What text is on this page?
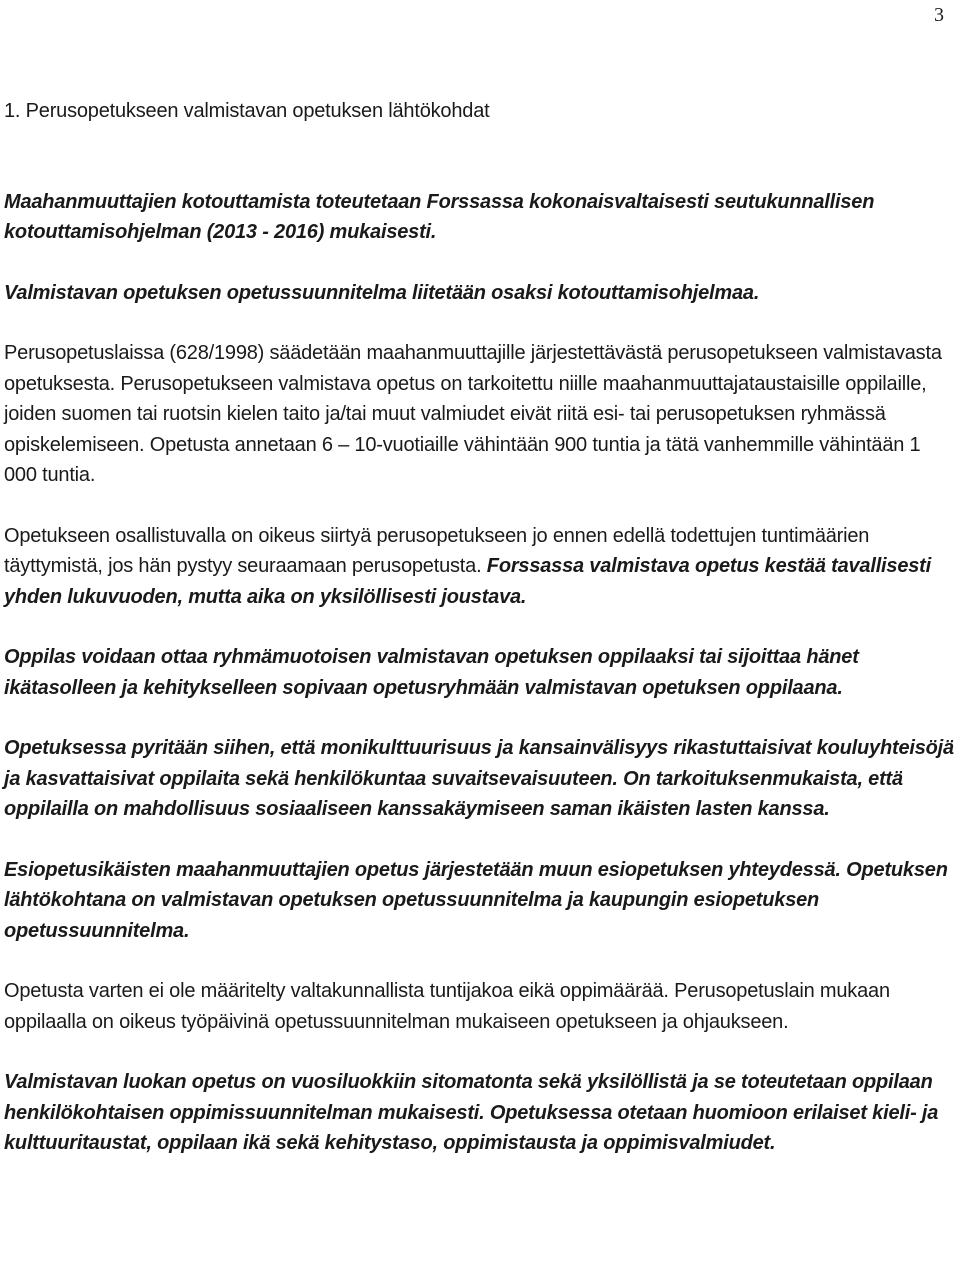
3
1. Perusopetukseen valmistavan opetuksen lähtökohdat

Maahanmuuttajien kotouttamista toteutetaan Forssassa kokonaisvaltaisesti seutukunnallisen kotouttamisohjelman (2013 - 2016) mukaisesti.

Valmistavan opetuksen opetussuunnitelma liitetään osaksi kotouttamisohjelmaa.

Perusopetuslaissa (628/1998) säädetään maahanmuuttajille järjestettävästä perusopetukseen valmistavasta opetuksesta. Perusopetukseen valmistava opetus on tarkoitettu niille maahanmuuttajataustaisille oppilaille, joiden suomen tai ruotsin kielen taito ja/tai muut valmiudet eivät riitä esi- tai perusopetuksen ryhmässä opiskelemiseen. Opetusta annetaan 6 – 10-vuotiaille vähintään 900 tuntia ja tätä vanhemmille vähintään 1 000 tuntia.

Opetukseen osallistuvalla on oikeus siirtyä perusopetukseen jo ennen edellä todettujen tuntimäärien täyttymistä, jos hän pystyy seuraamaan perusopetusta. Forssassa valmistava opetus kestää tavallisesti yhden lukuvuoden, mutta aika on yksilöllisesti joustava.

Oppilas voidaan ottaa ryhmämuotoisen valmistavan opetuksen oppilaaksi tai sijoittaa hänet ikätasolleen ja kehitykselleen sopivaan opetusryhmään valmistavan opetuksen oppilaana.

Opetuksessa pyritään siihen, että monikulttuurisuus ja kansainvälisyys rikastuttaisivat kouluyhteisöjä ja kasvattaisivat oppilaita sekä henkilökuntaa suvaitsevaisuuteen. On tarkoituksenmukaista, että oppilailla on mahdollisuus sosiaaliseen kanssakäymiseen saman ikäisten lasten kanssa.

Esiopetusikäisten maahanmuuttajien opetus järjestetään muun esiopetuksen yhteydessä. Opetuksen lähtökohtana on valmistavan opetuksen opetussuunnitelma ja kaupungin esiopetuksen opetussuunnitelma.

Opetusta varten ei ole määritelty valtakunnallista tuntijakoa eikä oppimäärää. Perusopetuslain mukaan oppilaalla on oikeus työpäivinä opetussuunnitelman mukaiseen opetukseen ja ohjaukseen.

Valmistavan luokan opetus on vuosiluokkiin sitomatonta sekä yksilöllistä ja se toteutetaan oppilaan henkilökohtaisen oppimissuunnitelman mukaisesti. Opetuksessa otetaan huomioon erilaiset kieli- ja kulttuuritaustat, oppilaan ikä sekä kehitystaso, oppimistausta ja oppimisvalmiudet.
